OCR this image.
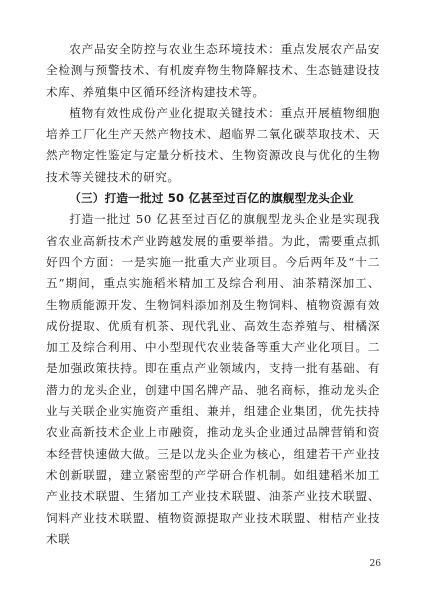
农产品安全防控与农业生态环境技术：重点发展农产品安全检测与预警技术、有机废弃物生物降解技术、生态链建设技术库、养殖集中区循环经济构建技术等。

植物有效性成份产业化提取关键技术：重点开展植物细胞培养工厂化生产天然产物技术、超临界二氧化碳萃取技术、天然产物定性鉴定与定量分析技术、生物资源改良与优化的生物技术等关键技术的研究。

（三）打造一批过 50 亿甚至过百亿的旗舰型龙头企业

打造一批过 50 亿甚至过百亿的旗舰型龙头企业是实现我省农业高新技术产业跨越发展的重要举措。为此，需要重点抓好四个方面：一是实施一批重大产业项目。今后两年及“十二五”期间，重点实施稻米精加工及综合利用、油茶精深加工、生物质能源开发、生物饲料添加剂及生物饲料、植物资源有效成份提取、优质有机茶、现代乳业、高效生态养殖与、柑橘深加工及综合利用、中小型现代农业装备等重大产业化项目。二是加强政策扶持。即在重点产业领域内，支持一批有基础、有潜力的龙头企业，创建中国名牌产品、驰名商标，推动龙头企业与关联企业实施资产重组、兼并，组建企业集团，优先扶持农业高新技术企业上市融资，推动龙头企业通过品牌营销和资本经营快速做大做。三是以龙头企业为核心，组建若干产业技术创新联盟，建立紧密型的产学研合作机制。如组建稻米加工产业技术联盟、生猪加工产业技术联盟、油茶产业技术联盟、饲料产业技术联盟、植物资源提取产业技术联盟、柑桔产业技术联

26
